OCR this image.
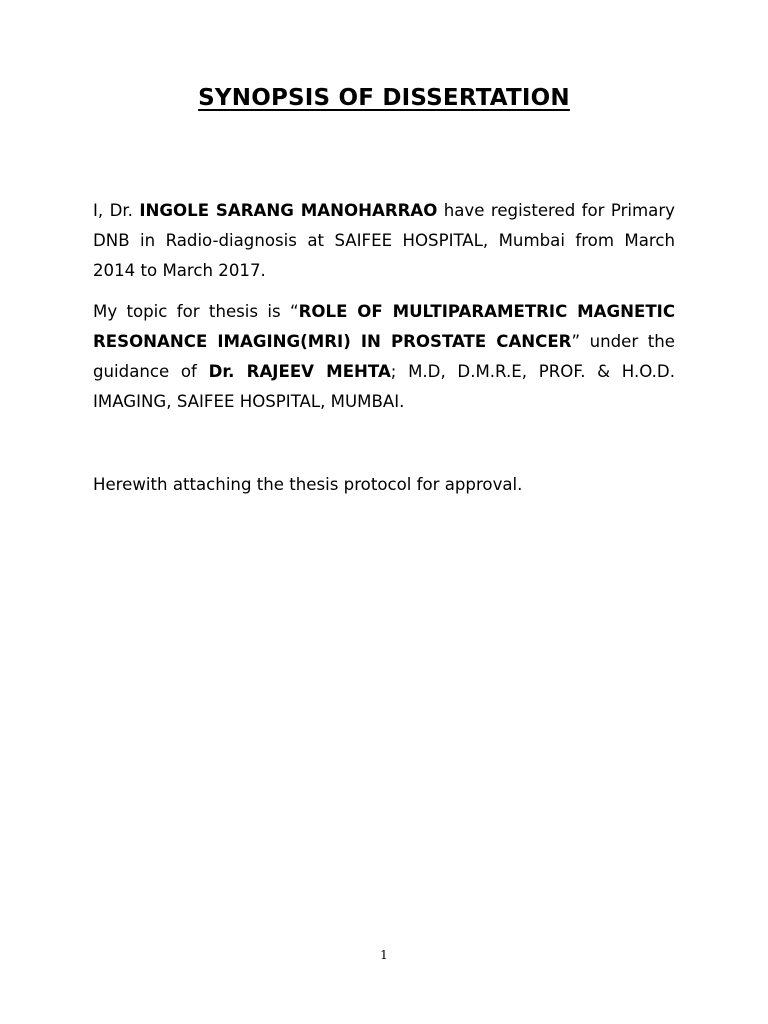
SYNOPSIS OF DISSERTATION

I, Dr. INGOLE SARANG MANOHARRAO have registered for Primary DNB in Radio-diagnosis at SAIFEE HOSPITAL, Mumbai from March 2014 to March 2017.

My topic for thesis is “ROLE OF MULTIPARAMETRIC MAGNETIC RESONANCE IMAGING(MRI) IN PROSTATE CANCER” under the guidance of Dr. RAJEEV MEHTA; M.D, D.M.R.E, PROF. & H.O.D. IMAGING, SAIFEE HOSPITAL, MUMBAI.

Herewith attaching the thesis protocol for approval.

1
